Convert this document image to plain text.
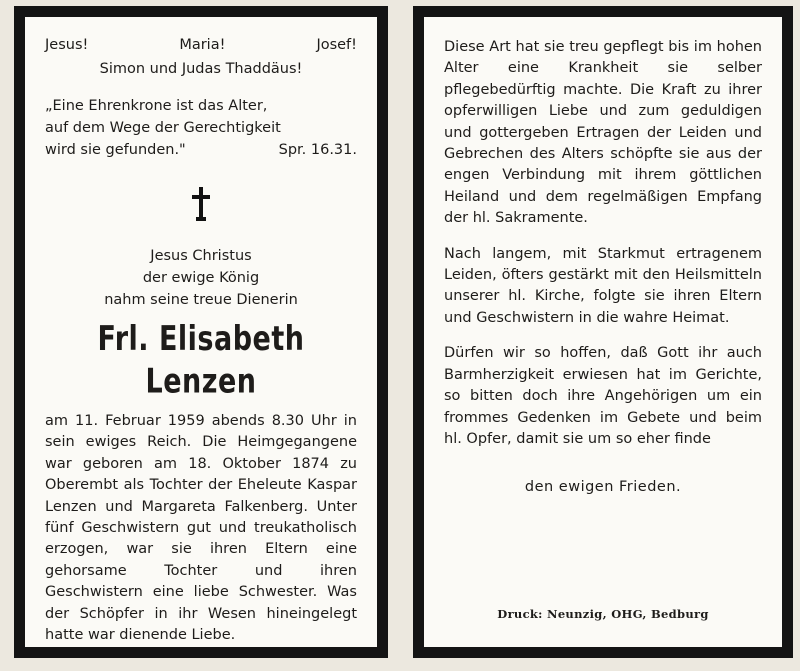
Jesus!	Maria!	Josef!
Simon und Judas Thaddäus!

„Eine Ehrenkrone ist das Alter,

auf dem Wege der Gerechtigkeit

wird sie gefunden."	Spr. 16.31.
Jesus Christus
der ewige König
nahm seine treue Dienerin
Frl. Elisabeth Lenzen

am 11. Februar 1959 abends 8.30 Uhr in sein ewiges Reich. Die Heimgegangene war geboren am 18. Oktober 1874 zu Oberembt als Tochter der Eheleute Kaspar Lenzen und Margareta Falkenberg. Unter fünf Geschwistern gut und treukatholisch erzogen, war sie ihren Eltern eine gehorsame Tochter und ihren Geschwistern eine liebe Schwester. Was der Schöpfer in ihr Wesen hineingelegt hatte war dienende Liebe.

Diese Art hat sie treu gepflegt bis im hohen Alter eine Krankheit sie selber pflegebedürftig machte. Die Kraft zu ihrer opferwilligen Liebe und zum geduldigen und gottergeben Ertragen der Leiden und Gebrechen des Alters schöpfte sie aus der engen Verbindung mit ihrem göttlichen Heiland und dem regelmäßigen Empfang der hl. Sakramente.

Nach langem, mit Starkmut ertragenem Leiden, öfters gestärkt mit den Heilsmitteln unserer hl. Kirche, folgte sie ihren Eltern und Geschwistern in die wahre Heimat.

Dürfen wir so hoffen, daß Gott ihr auch Barmherzigkeit erwiesen hat im Gerichte, so bitten doch ihre Angehörigen um ein frommes Gedenken im Gebete und beim hl. Opfer, damit sie um so eher finde

den ewigen Frieden.
Druck: Neunzig, OHG, Bedburg
